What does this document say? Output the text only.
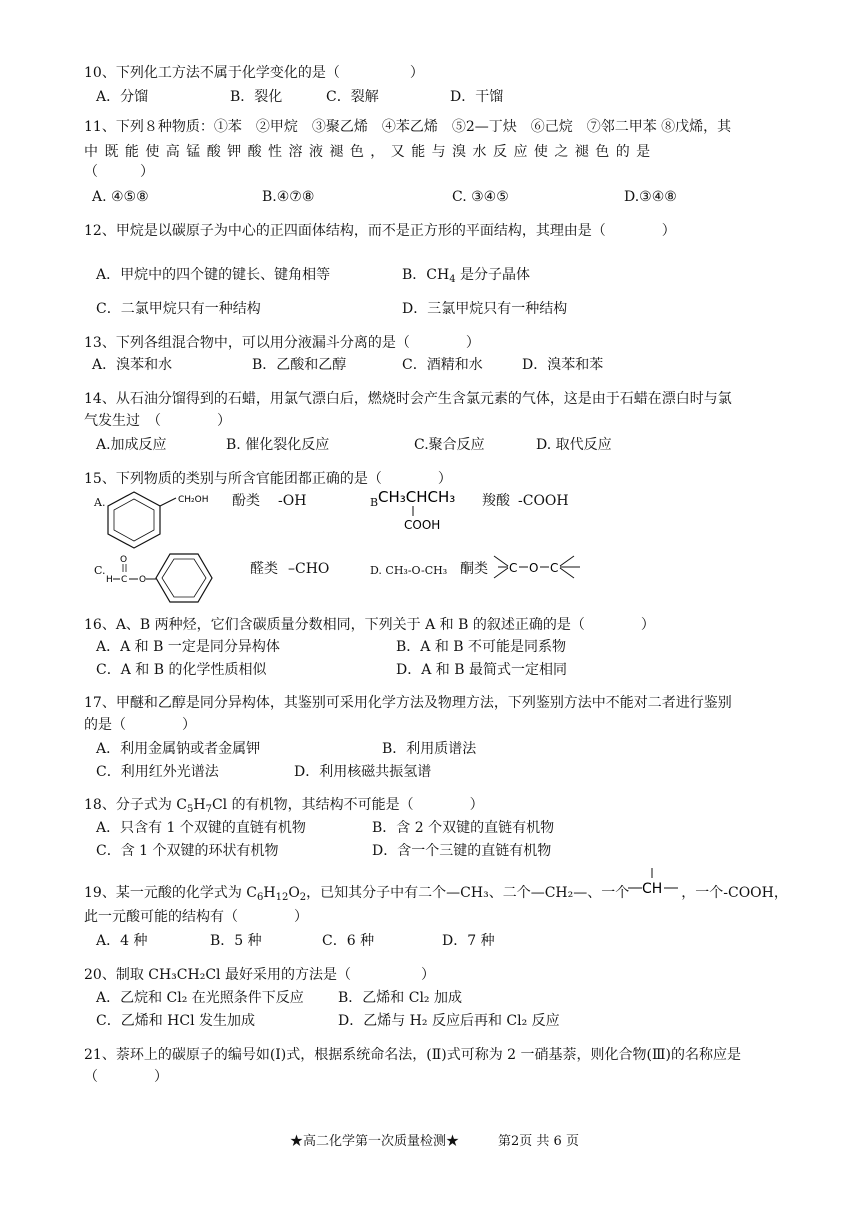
10、下列化工方法不属于化学变化的是（　　　　　）
A．分馏	B．裂化	C．裂解	D．干馏
11、下列８种物质：①苯　②甲烷　③聚乙烯　④苯乙烯　⑤2—丁炔　⑥己烷　⑦邻二甲苯 ⑧戊烯，其
中 既 能 使 高 锰 酸 钾 酸 性 溶 液 褪 色 ， 又 能 与 溴 水 反 应 使 之 褪 色 的 是
（　　　）
A. ④⑤⑧	B.④⑦⑧	C. ③④⑤	D.③④⑧
12、甲烷是以碳原子为中心的正四面体结构，而不是正方形的平面结构，其理由是（　　　　）
A．甲烷中的四个键的键长、键角相等	B．$CH_4$ 是分子晶体
C．二氯甲烷只有一种结构	D．三氯甲烷只有一种结构
13、下列各组混合物中，可以用分液漏斗分离的是（　　　　）
A．溴苯和水	B．乙酸和乙醇	C．酒精和水	D．溴苯和苯
14、从石油分馏得到的石蜡，用氯气漂白后，燃烧时会产生含氯元素的气体，这是由于石蜡在漂白时与氯
气发生过　（　　　　）
A.加成反应	B. 催化裂化反应	C.聚合反应	D. 取代反应
15、下列物质的类别与所含官能团都正确的是（　　　　）
A.	CH₂OH 酚类 -OH	B CH₃CHCH₃
COOH
羧酸 -COOH
C.
H C
O
O
醛类 –CHO	D. CH₃-O-CH₃ 酮类 C O C
16、A、B 两种烃，它们含碳质量分数相同，下列关于 A 和 B 的叙述正确的是（　　　　）
A．A 和 B 一定是同分异构体	B．A 和 B 不可能是同系物
C．A 和 B 的化学性质相似	D．A 和 B 最简式一定相同
17、甲醚和乙醇是同分异构体，其鉴别可采用化学方法及物理方法，下列鉴别方法中不能对二者进行鉴别
的是（　　　　）
A．利用金属钠或者金属钾	B．利用质谱法
C．利用红外光谱法	D．利用核磁共振氢谱
18、分子式为 $C_5H_7Cl$ 的有机物，其结构不可能是（　　　　）
A．只含有 1 个双键的直链有机物	B．含 2 个双键的直链有机物
C．含 1 个双键的环状有机物	D．含一个三键的直链有机物
19、某一元酸的化学式为 $C_6H_{12}O_2$，已知其分子中有二个—CH₃、二个—CH₂—、一个	，一个-COOH，
CH
此一元酸可能的结构有（　　　　）
A．4 种	B．5 种	C．6 种	D．7 种
20、制取 CH₃CH₂Cl 最好采用的方法是（　　　　　）
A．乙烷和 Cl₂ 在光照条件下反应 B．乙烯和 Cl₂ 加成
C．乙烯和 HCl 发生加成	D．乙烯与 H₂ 反应后再和 Cl₂ 反应
21、萘环上的碳原子的编号如(Ⅰ)式，根据系统命名法，(Ⅱ)式可称为 2 一硝基萘，则化合物(Ⅲ)的名称应是
（　　　　）
★高二化学第一次质量检测★	第2页 共 6 页
